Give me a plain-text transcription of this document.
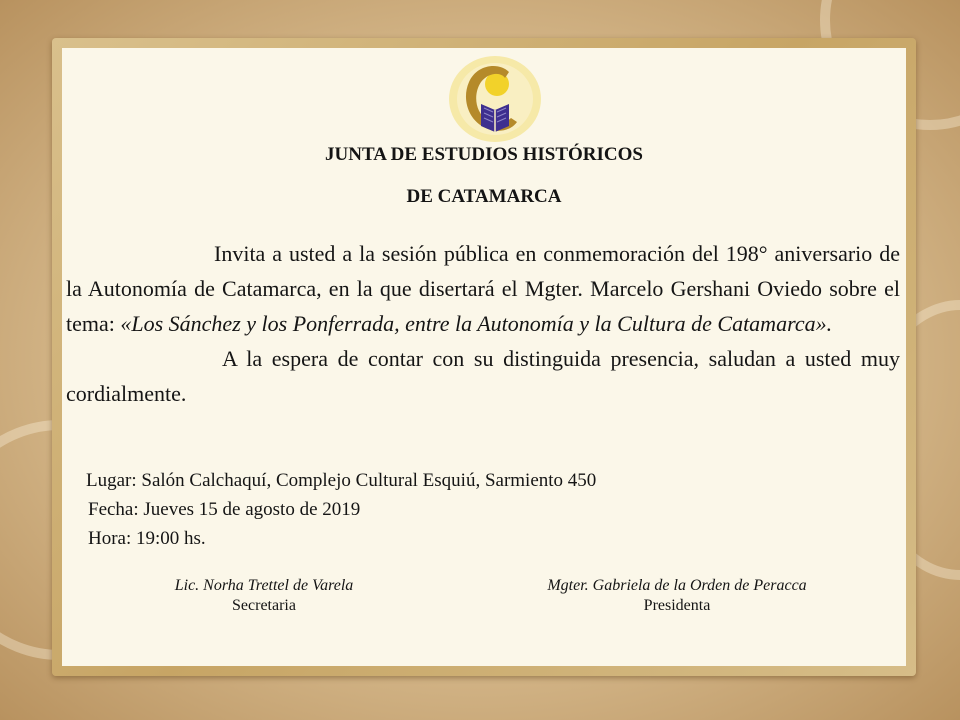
JUNTA DE ESTUDIOS HISTÓRICOS
DE CATAMARCA

Invita a usted a la sesión pública en conmemoración del 198° aniversario de la Autonomía de Catamarca, en la que disertará el Mgter. Marcelo Gershani Oviedo sobre el tema: «Los Sánchez y los Ponferrada, entre la Autonomía y la Cultura de Catamarca».

A la espera de contar con su distinguida presencia, saludan a usted muy cordialmente.

Lugar: Salón Calchaquí, Complejo Cultural Esquiú, Sarmiento 450
Fecha: Jueves 15 de agosto de 2019
Hora: 19:00 hs.
Lic. Norha Trettel de Varela
Secretaria
Mgter. Gabriela de la Orden de Peracca
Presidenta
